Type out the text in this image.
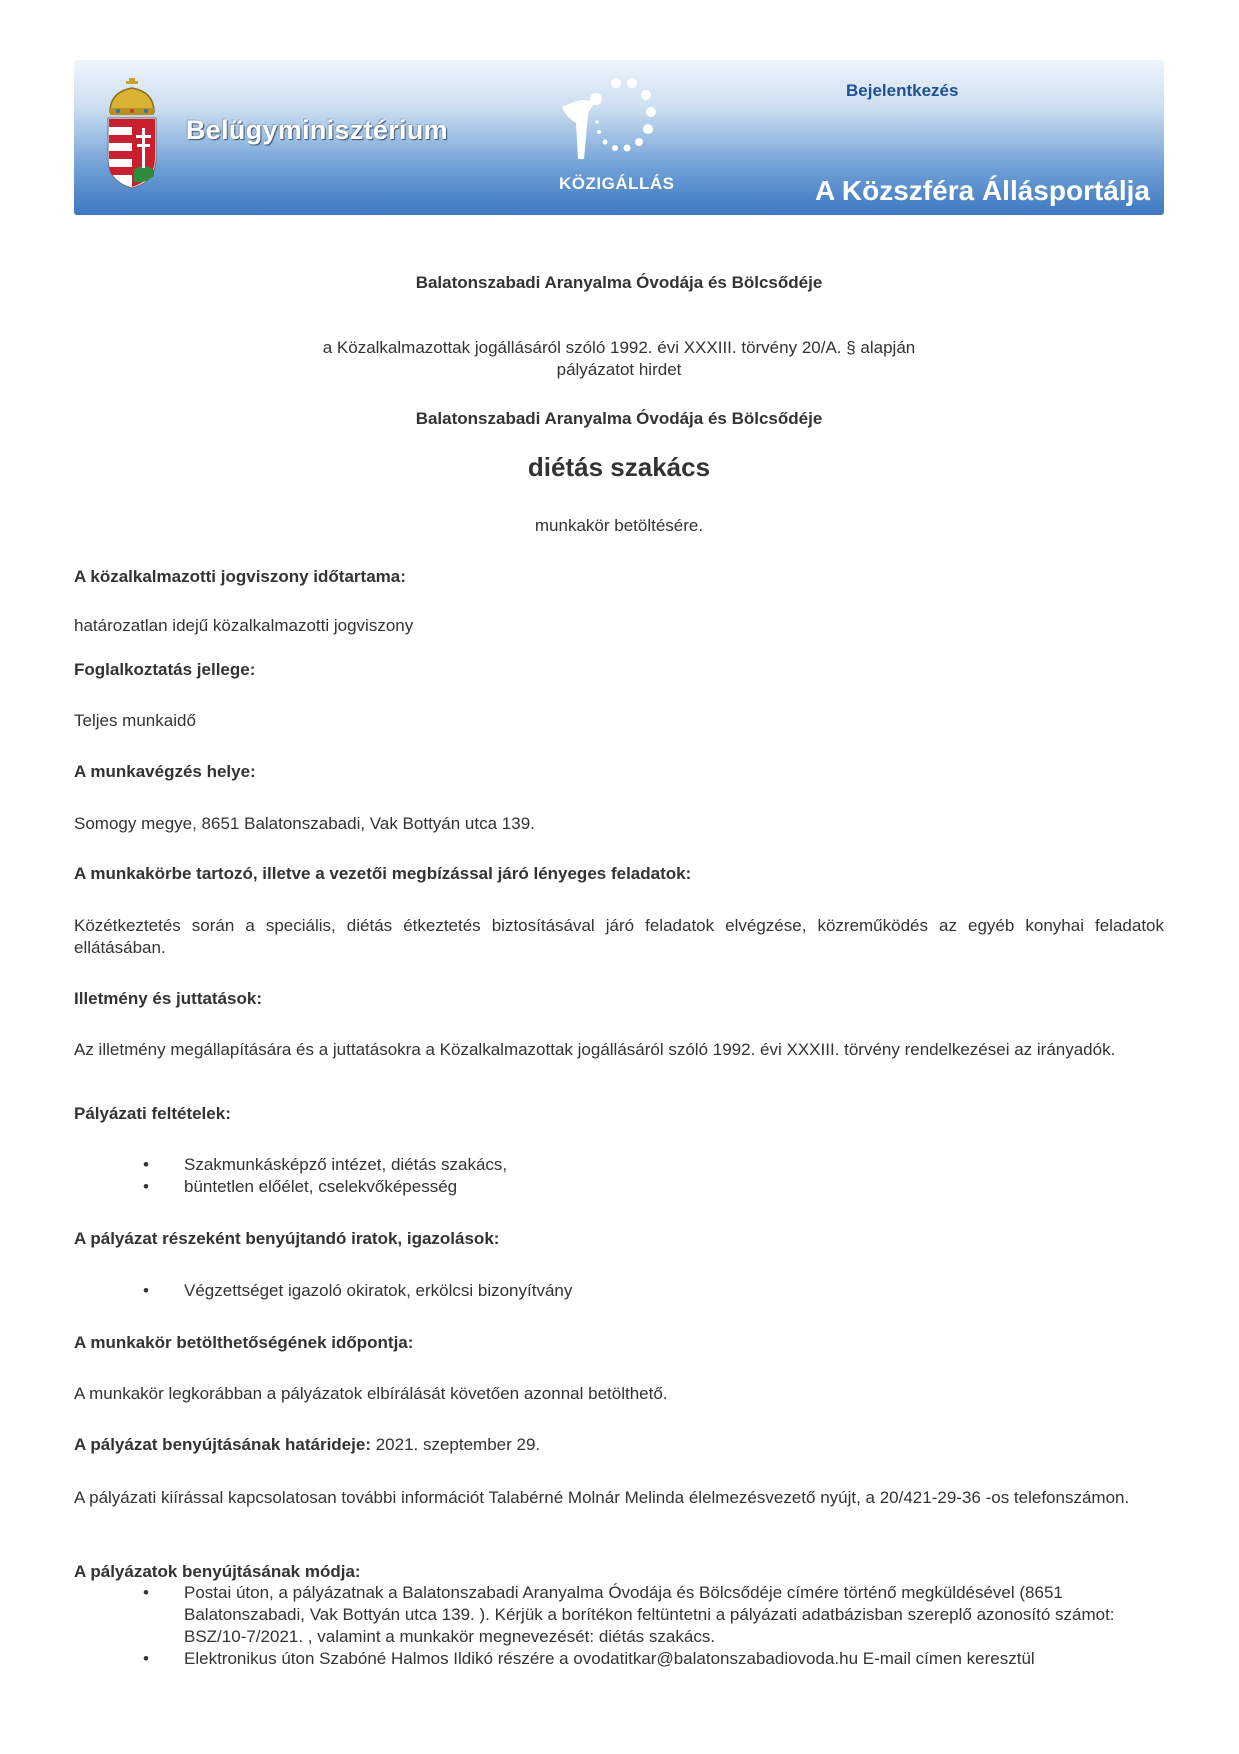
Belügyminisztérium
KÖZIGÁLLÁS
Bejelentkezés
A Közszféra Állásportálja
Balatonszabadi Aranyalma Óvodája és Bölcsődéje
a Közalkalmazottak jogállásáról szóló 1992. évi XXXIII. törvény 20/A. § alapján
pályázatot hirdet
Balatonszabadi Aranyalma Óvodája és Bölcsődéje
diétás szakács
munkakör betöltésére.
A közalkalmazotti jogviszony időtartama:
határozatlan idejű közalkalmazotti jogviszony
Foglalkoztatás jellege:
Teljes munkaidő
A munkavégzés helye:
Somogy megye, 8651 Balatonszabadi, Vak Bottyán utca 139.
A munkakörbe tartozó, illetve a vezetői megbízással járó lényeges feladatok:
Közétkeztetés során a speciális, diétás étkeztetés biztosításával járó feladatok elvégzése, közreműködés az egyéb konyhai feladatok ellátásában.
Illetmény és juttatások:
Az illetmény megállapítására és a juttatásokra a Közalkalmazottak jogállásáról szóló 1992. évi XXXIII. törvény rendelkezései az irányadók.
Pályázati feltételek:
• Szakmunkásképző intézet, diétás szakács,
• büntetlen előélet, cselekvőképesség
A pályázat részeként benyújtandó iratok, igazolások:
• Végzettséget igazoló okiratok, erkölcsi bizonyítvány
A munkakör betölthetőségének időpontja:
A munkakör legkorábban a pályázatok elbírálását követően azonnal betölthető.
A pályázat benyújtásának határideje: 2021. szeptember 29.
A pályázati kiírással kapcsolatosan további információt Talabérné Molnár Melinda élelmezésvezető nyújt, a 20/421-29-36 -os telefonszámon.
A pályázatok benyújtásának módja:
• Postai úton, a pályázatnak a Balatonszabadi Aranyalma Óvodája és Bölcsődéje címére történő megküldésével (8651 Balatonszabadi, Vak Bottyán utca 139. ). Kérjük a borítékon feltüntetni a pályázati adatbázisban szereplő azonosító számot: BSZ/10-7/2021. , valamint a munkakör megnevezését: diétás szakács.
• Elektronikus úton Szabóné Halmos Ildikó részére a ovodatitkar@balatonszabadiovoda.hu E-mail címen keresztül
